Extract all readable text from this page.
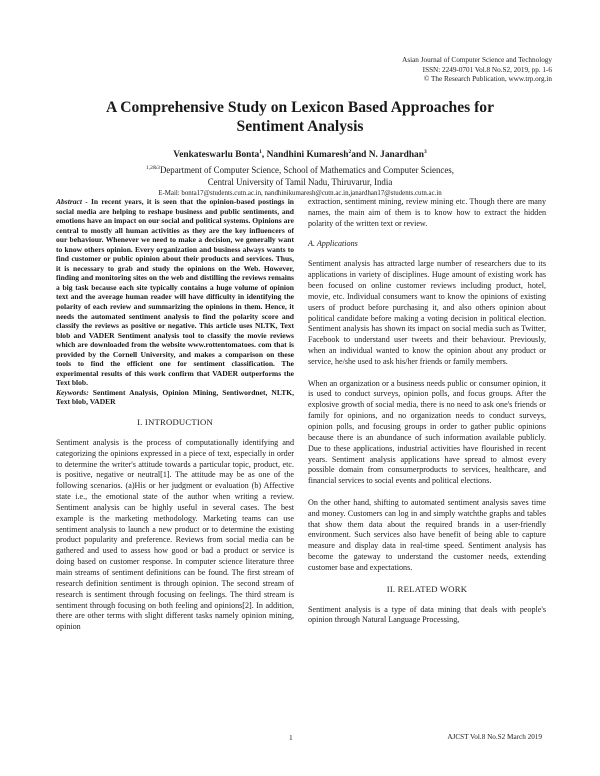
Asian Journal of Computer Science and Technology
ISSN: 2249-0701 Vol.8 No.S2, 2019, pp. 1-6
© The Research Publication, www.trp.org.in
A Comprehensive Study on Lexicon Based Approaches for
Sentiment Analysis
Venkateswarlu Bonta$^1$, Nandhini Kumaresh$^2$and N. Janardhan$^3$
$^{1,2\&3}$Department of Computer Science, School of Mathematics and Computer Sciences,
Central University of Tamil Nadu, Thiruvarur, India
E-Mail: bonta17@students.cutn.ac.in, nandhinikumaresh@cutn.ac.in,janardhan17@students.cutn.ac.in

Abstract - In recent years, it is seen that the opinion-based postings in social media are helping to reshape business and public sentiments, and emotions have an impact on our social and political systems. Opinions are central to mostly all human activities as they are the key influencers of our behaviour. Whenever we need to make a decision, we generally want to know others opinion. Every organization and business always wants to find customer or public opinion about their products and services. Thus, it is necessary to grab and study the opinions on the Web. However, finding and monitoring sites on the web and distilling the reviews remains a big task because each site typically contains a huge volume of opinion text and the average human reader will have difficulty in identifying the polarity of each review and summarizing the opinions in them. Hence, it needs the automated sentiment analysis to find the polarity score and classify the reviews as positive or negative. This article uses NLTK, Text blob and VADER Sentiment analysis tool to classify the movie reviews which are downloaded from the website www.rottentomatoes. com that is provided by the Cornell University, and makes a comparison on these tools to find the efficient one for sentiment classification. The experimental results of this work confirm that VADER outperforms the Text blob.

Keywords: Sentiment Analysis, Opinion Mining, Sentiwordnet, NLTK, Text blob, VADER

I. INTRODUCTION

Sentiment analysis is the process of computationally identifying and categorizing the opinions expressed in a piece of text, especially in order to determine the writer's attitude towards a particular topic, product, etc. is positive, negative or neutral[1]. The attitude may be as one of the following scenarios. (a)His or her judgment or evaluation (b) Affective state i.e., the emotional state of the author when writing a review. Sentiment analysis can be highly useful in several cases. The best example is the marketing methodology. Marketing teams can use sentiment analysis to launch a new product or to determine the existing product popularity and preference. Reviews from social media can be gathered and used to assess how good or bad a product or service is doing based on customer response. In computer science literature three main streams of sentiment definitions can be found. The first stream of research definition sentiment is through opinion. The second stream of research is sentiment through focusing on feelings. The third stream is sentiment through focusing on both feeling and opinions[2]. In addition, there are other terms with slight different tasks namely opinion mining, opinion

extraction, sentiment mining, review mining etc. Though there are many names, the main aim of them is to know how to extract the hidden polarity of the written text or review.

A. Applications

Sentiment analysis has attracted large number of researchers due to its applications in variety of disciplines. Huge amount of existing work has been focused on online customer reviews including product, hotel, movie, etc. Individual consumers want to know the opinions of existing users of product before purchasing it, and also others opinion about political candidate before making a voting decision in political election. Sentiment analysis has shown its impact on social media such as Twitter, Facebook to understand user tweets and their behaviour. Previously, when an individual wanted to know the opinion about any product or service, he/she used to ask his/her friends or family members.

When an organization or a business needs public or consumer opinion, it is used to conduct surveys, opinion polls, and focus groups. After the explosive growth of social media, there is no need to ask one's friends or family for opinions, and no organization needs to conduct surveys, opinion polls, and focusing groups in order to gather public opinions because there is an abundance of such information available publicly. Due to these applications, industrial activities have flourished in recent years. Sentiment analysis applications have spread to almost every possible domain from consumerproducts to services, healthcare, and financial services to social events and political elections.

On the other hand, shifting to automated sentiment analysis saves time and money. Customers can log in and simply watchthe graphs and tables that show them data about the required brands in a user-friendly environment. Such services also have benefit of being able to capture measure and display data in real-time speed. Sentiment analysis has become the gateway to understand the customer needs, extending customer base and expectations.

II. RELATED WORK

Sentiment analysis is a type of data mining that deals with people's opinion through Natural Language Processing,

1	AJCST Vol.8 No.S2 March 2019
